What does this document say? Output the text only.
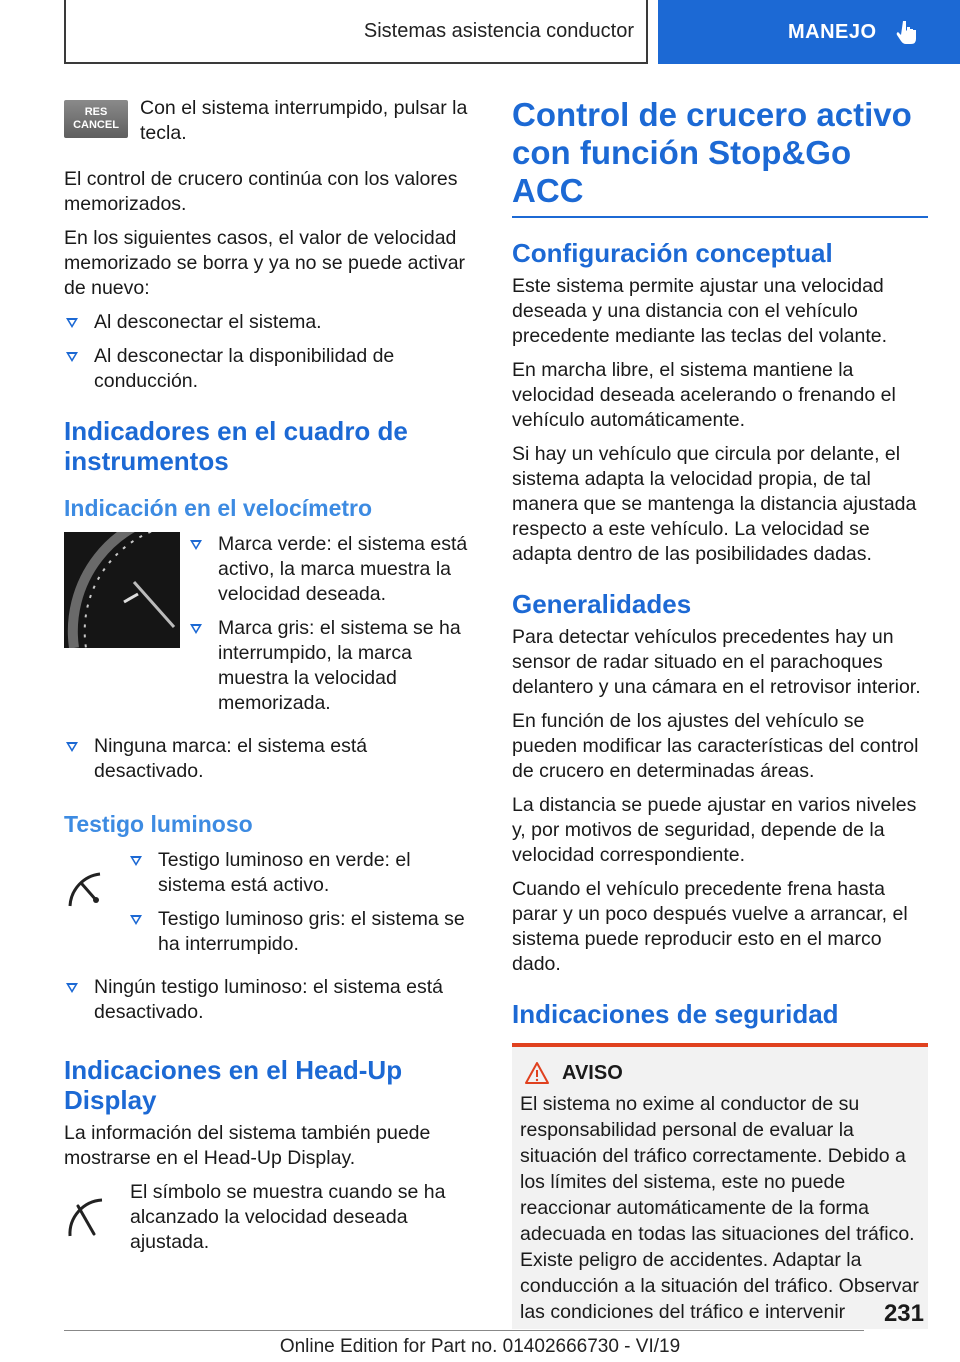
Sistemas asistencia conductor	MANEJO
RES
CANCEL

Con el sistema interrumpido, pulsar la tecla.

El control de crucero continúa con los valores memorizados.

En los siguientes casos, el valor de velocidad memorizado se borra y ya no se puede activar de nuevo:

Al desconectar el sistema.
Al desconectar la disponibilidad de conducción.
Indicadores en el cuadro de instrumentos
Indicación en el velocímetro
Marca verde: el sistema está activo, la marca muestra la velocidad deseada.
Marca gris: el sistema se ha interrumpido, la marca muestra la velocidad memorizada.
Ninguna marca: el sistema está desactivado.
Testigo luminoso
Testigo luminoso en verde: el sistema está activo.
Testigo luminoso gris: el sistema se ha interrumpido.
Ningún testigo luminoso: el sistema está desactivado.
Indicaciones en el Head-Up Display

La información del sistema también puede mostrarse en el Head-Up Display.

El símbolo se muestra cuando se ha alcanzado la velocidad deseada ajustada.

Control de crucero activo con función Stop&Go ACC
Configuración conceptual

Este sistema permite ajustar una velocidad deseada y una distancia con el vehículo precedente mediante las teclas del volante.

En marcha libre, el sistema mantiene la velocidad deseada acelerando o frenando el vehículo automáticamente.

Si hay un vehículo que circula por delante, el sistema adapta la velocidad propia, de tal manera que se mantenga la distancia ajustada respecto a este vehículo. La velocidad se adapta dentro de las posibilidades dadas.

Generalidades

Para detectar vehículos precedentes hay un sensor de radar situado en el parachoques delantero y una cámara en el retrovisor interior.

En función de los ajustes del vehículo se pueden modificar las características del control de crucero en determinadas áreas.

La distancia se puede ajustar en varios niveles y, por motivos de seguridad, depende de la velocidad correspondiente.

Cuando el vehículo precedente frena hasta parar y un poco después vuelve a arrancar, el sistema puede reproducir esto en el marco dado.

Indicaciones de seguridad
AVISO

El sistema no exime al conductor de su responsabilidad personal de evaluar la situación del tráfico correctamente. Debido a los límites del sistema, este no puede reaccionar automáticamente de la forma adecuada en todas las situaciones del tráfico. Existe peligro de accidentes. Adaptar la conducción a la situación del tráfico. Observar las condiciones del tráfico e intervenir	231
Online Edition for Part no. 01402666730 - VI/19
